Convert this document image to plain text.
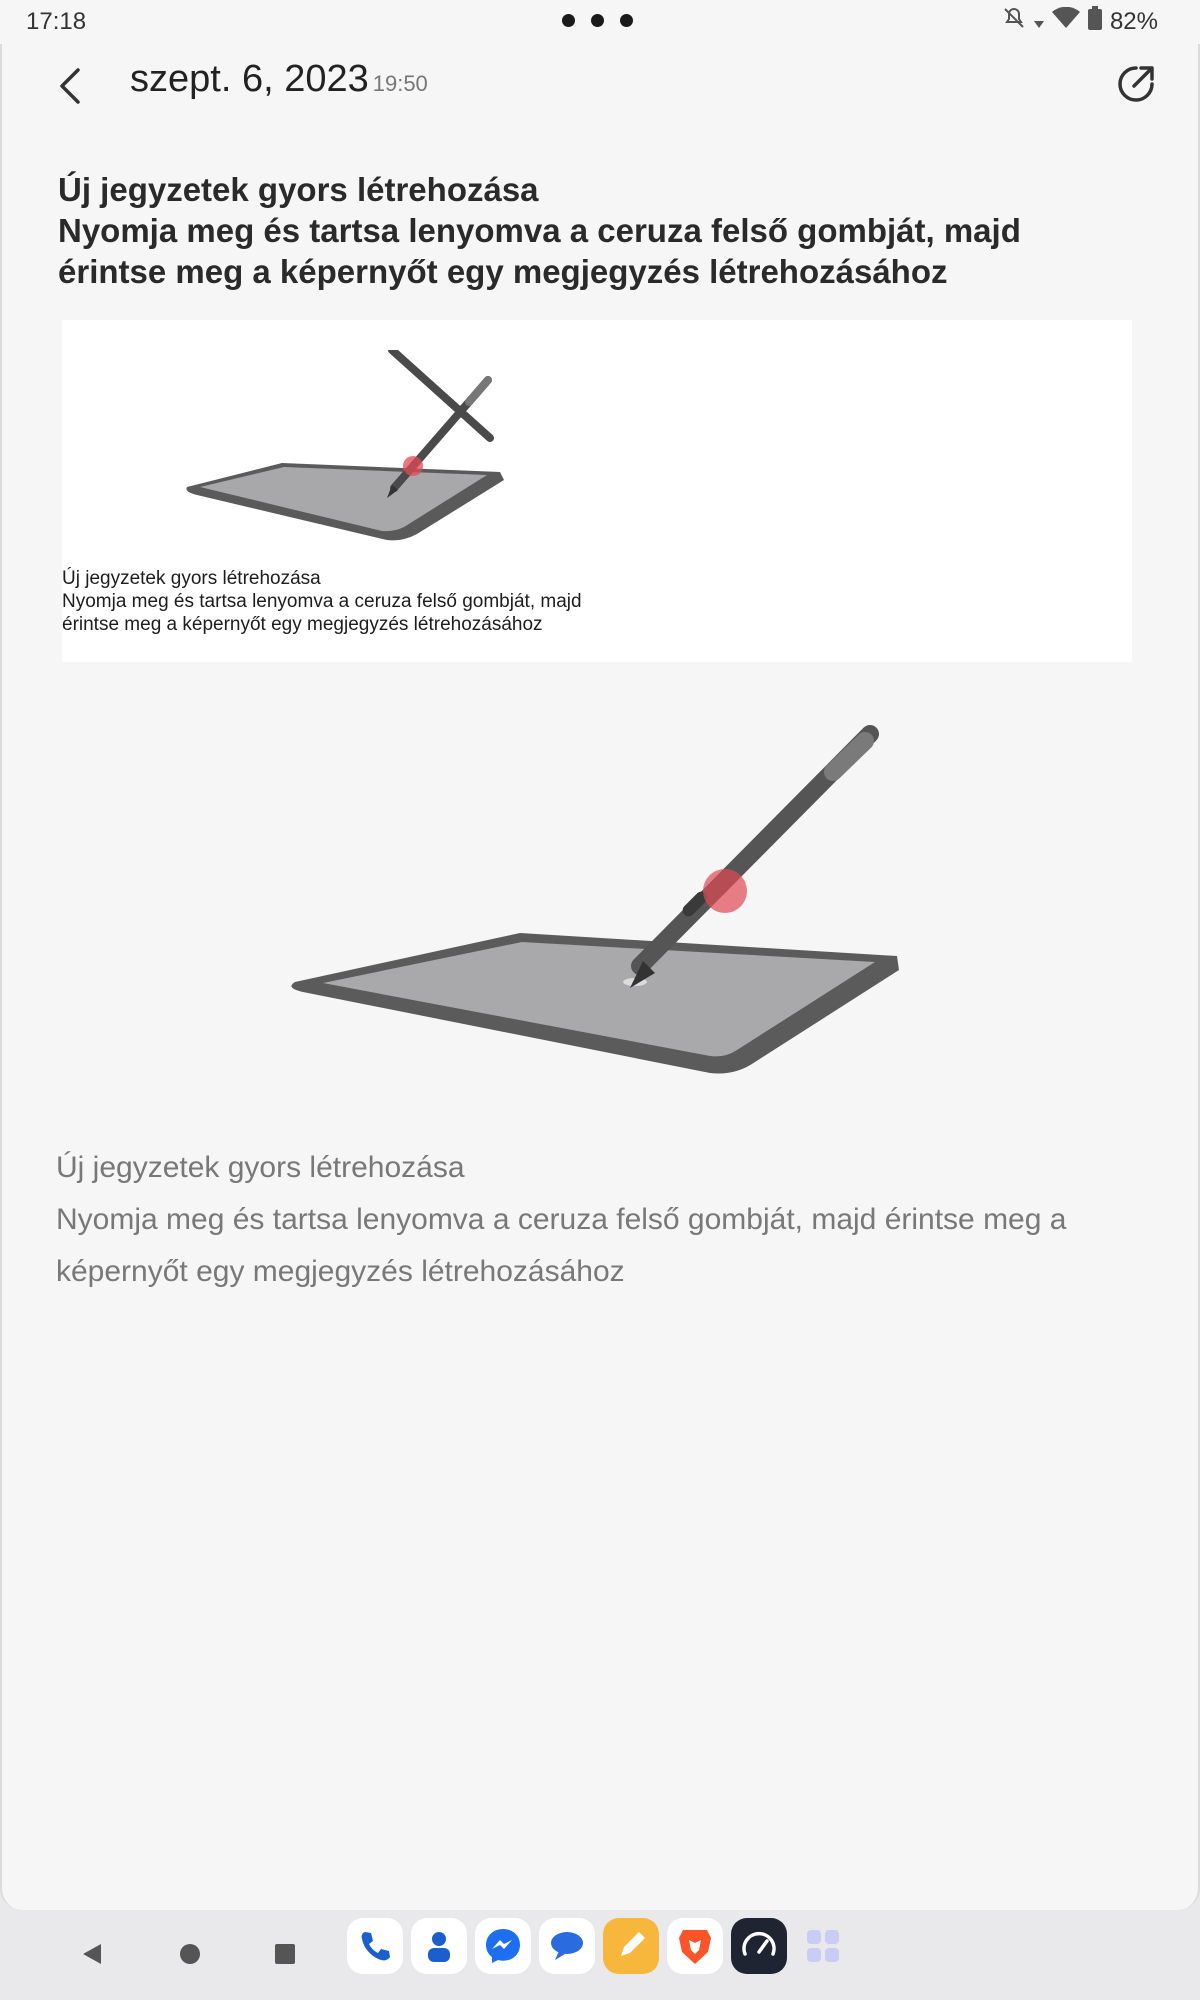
17:18	82%
szept. 6, 2023 19:50
Új jegyzetek gyors létrehozása
Nyomja meg és tartsa lenyomva a ceruza felső gombját, majd
érintse meg a képernyőt egy megjegyzés létrehozásához
Új jegyzetek gyors létrehozása
Nyomja meg és tartsa lenyomva a ceruza felső gombját, majd
érintse meg a képernyőt egy megjegyzés létrehozásához
Új jegyzetek gyors létrehozása
Nyomja meg és tartsa lenyomva a ceruza felső gombját, majd érintse meg a
képernyőt egy megjegyzés létrehozásához
